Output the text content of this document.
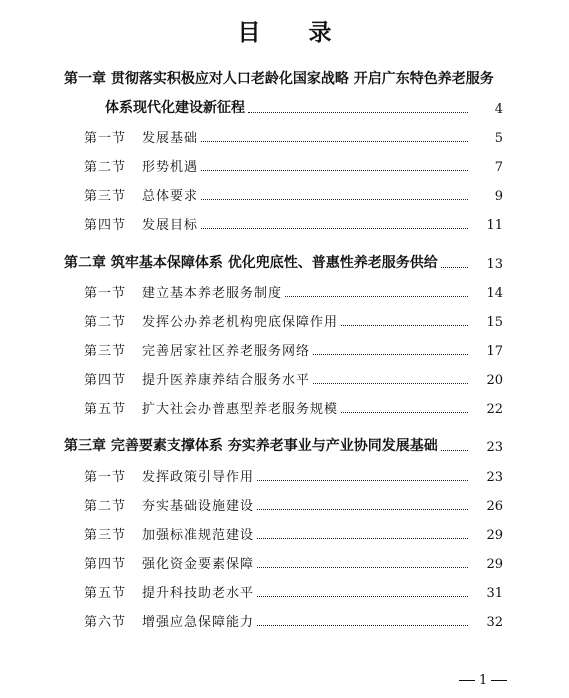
目 录
第一章 贯彻落实积极应对人口老龄化国家战略 开启广东特色养老服务
体系现代化建设新征程	4
第一节	发展基础	5
第二节	形势机遇	7
第三节	总体要求	9
第四节	发展目标	11
第二章 筑牢基本保障体系 优化兜底性、普惠性养老服务供给	13
第一节	建立基本养老服务制度	14
第二节	发挥公办养老机构兜底保障作用	15
第三节	完善居家社区养老服务网络	17
第四节	提升医养康养结合服务水平	20
第五节	扩大社会办普惠型养老服务规模	22
第三章 完善要素支撑体系 夯实养老事业与产业协同发展基础	23
第一节	发挥政策引导作用	23
第二节	夯实基础设施建设	26
第三节	加强标准规范建设	29
第四节	强化资金要素保障	29
第五节	提升科技助老水平	31
第六节	增强应急保障能力	32
1
